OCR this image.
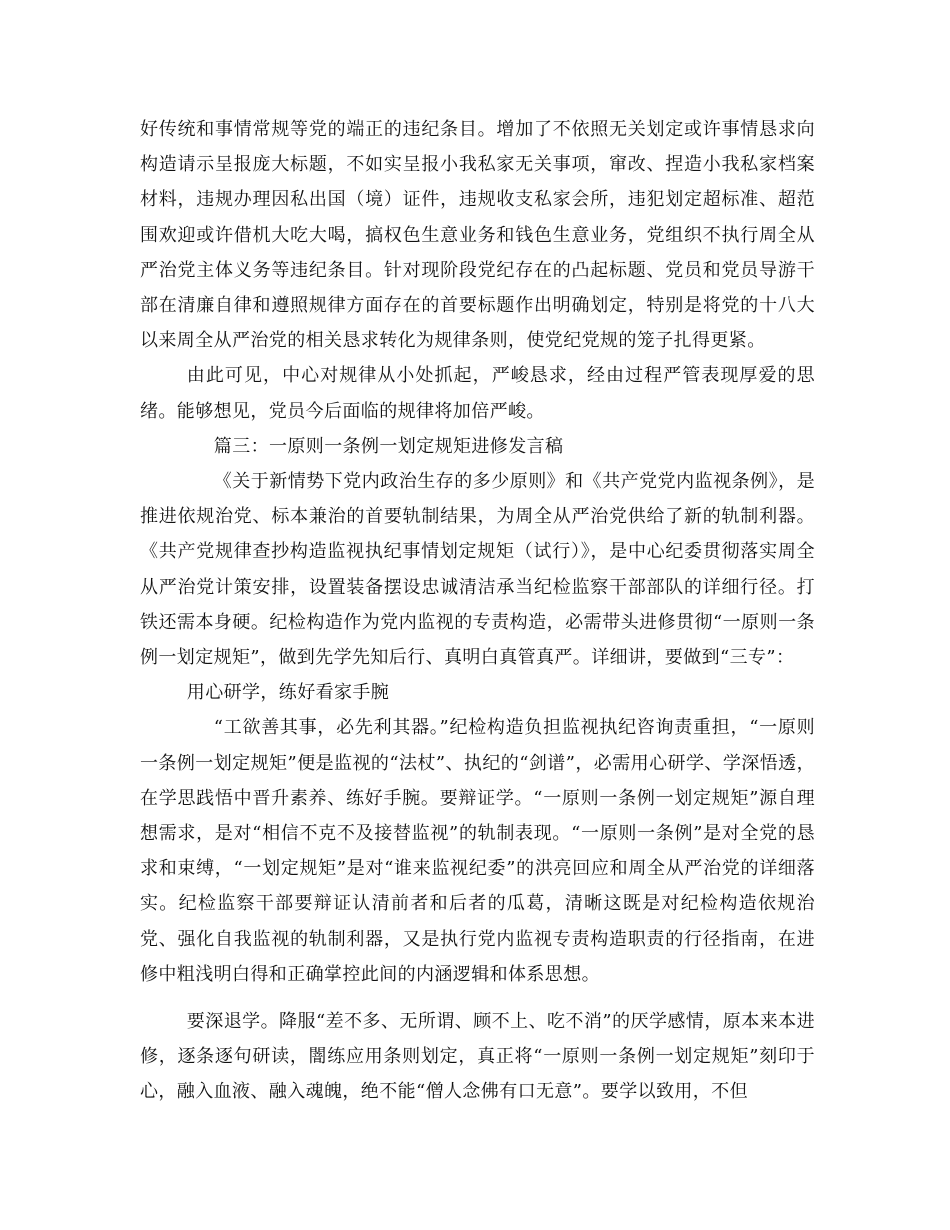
好传统和事情常规等党的端正的违纪条目。增加了不依照无关划定或许事情恳求向构造请示呈报庞大标题，不如实呈报小我私家无关事项，窜改、捏造小我私家档案材料，违规办理因私出国（境）证件，违规收支私家会所，违犯划定超标准、超范围欢迎或许借机大吃大喝，搞权色生意业务和钱色生意业务，党组织不执行周全从严治党主体义务等违纪条目。针对现阶段党纪存在的凸起标题、党员和党员导游干部在清廉自律和遵照规律方面存在的首要标题作出明确划定，特别是将党的十八大以来周全从严治党的相关恳求转化为规律条则，使党纪党规的笼子扎得更紧。

由此可见，中心对规律从小处抓起，严峻恳求，经由过程严管表现厚爱的思绪。能够想见，党员今后面临的规律将加倍严峻。

篇三：一原则一条例一划定规矩进修发言稿

《关于新情势下党内政治生存的多少原则》和《共产党党内监视条例》，是推进依规治党、标本兼治的首要轨制结果，为周全从严治党供给了新的轨制利器。《共产党规律查抄构造监视执纪事情划定规矩（试行）》，是中心纪委贯彻落实周全从严治党计策安排，设置装备摆设忠诚清洁承当纪检监察干部部队的详细行径。打铁还需本身硬。纪检构造作为党内监视的专责构造，必需带头进修贯彻“一原则一条例一划定规矩”，做到先学先知后行、真明白真管真严。详细讲，要做到“三专”：

用心研学，练好看家手腕

“工欲善其事，必先利其器。”纪检构造负担监视执纪咨询责重担，“一原则一条例一划定规矩”便是监视的“法杖”、执纪的“剑谱”，必需用心研学、学深悟透，在学思践悟中晋升素养、练好手腕。要辩证学。“一原则一条例一划定规矩”源自理想需求，是对“相信不克不及接替监视”的轨制表现。“一原则一条例”是对全党的恳求和束缚，“一划定规矩”是对“谁来监视纪委”的洪亮回应和周全从严治党的详细落实。纪检监察干部要辩证认清前者和后者的瓜葛，清晰这既是对纪检构造依规治党、强化自我监视的轨制利器，又是执行党内监视专责构造职责的行径指南，在进修中粗浅明白得和正确掌控此间的内涵逻辑和体系思想。

要深退学。降服“差不多、无所谓、顾不上、吃不消”的厌学感情，原本来本进修，逐条逐句研读，闇练应用条则划定，真正将“一原则一条例一划定规矩”刻印于心，融入血液、融入魂魄，绝不能“僧人念佛有口无意”。要学以致用，不但
